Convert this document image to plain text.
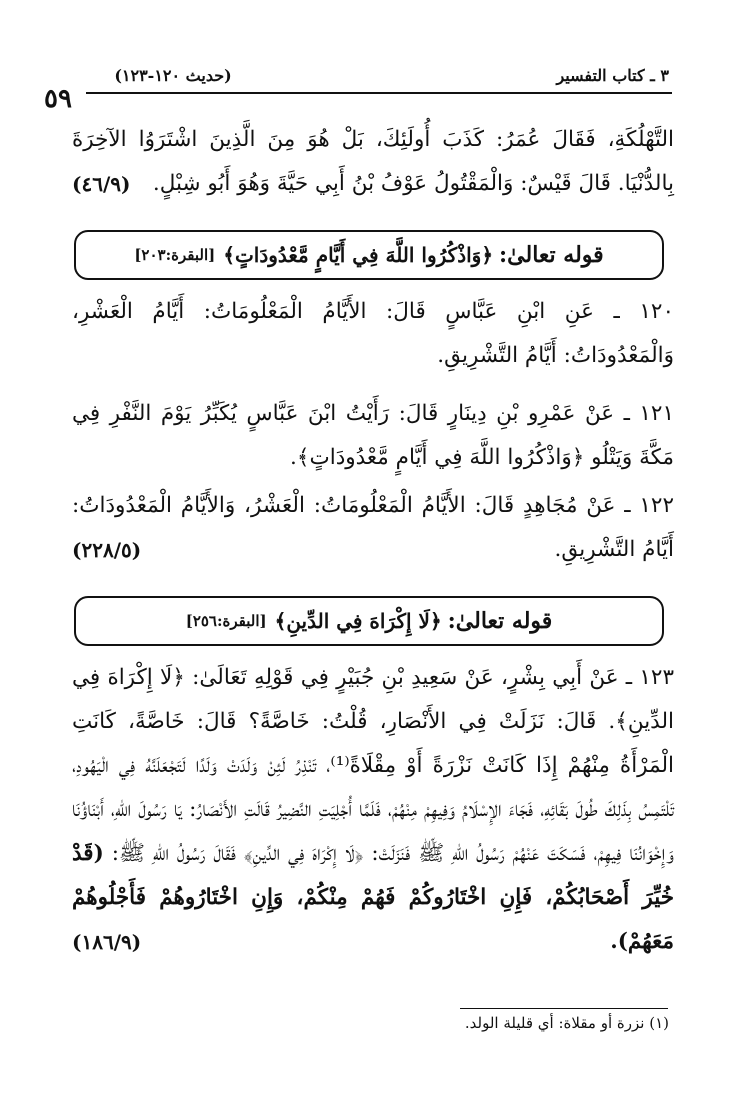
(حديث ١٢٠-١٢٣)	٣ ـ كتاب التفسير
٥٩
التَّهْلُكَةِ، فَقَالَ عُمَرُ: كَذَبَ أُولَئِكَ، بَلْ هُوَ مِنَ الَّذِينَ اشْتَرَوُا الآخِرَةَ بِالدُّنْيَا. قَالَ قَيْسٌ: وَالْمَقْتُولُ عَوْفُ بْنُ أَبِي حَيَّةَ وَهُوَ أَبُو شِبْلٍ.
(٤٦/٩)
قوله تعالىٰ:
﴿وَاذْكُرُوا اللَّهَ فِي أَيَّامٍ مَّعْدُودَاتٍ﴾
[البقرة:٢٠٣]
١٢٠ ـ عَنِ ابْنِ عَبَّاسٍ قَالَ: الأَيَّامُ الْمَعْلُومَاتُ: أَيَّامُ الْعَشْرِ، وَالْمَعْدُودَاتُ: أَيَّامُ التَّشْرِيقِ.
١٢١ ـ عَنْ عَمْرِو بْنِ دِينَارٍ قَالَ: رَأَيْتُ ابْنَ عَبَّاسٍ يُكَبِّرُ يَوْمَ النَّفْرِ فِي مَكَّةَ وَيَتْلُو ﴿وَاذْكُرُوا اللَّهَ فِي أَيَّامٍ مَّعْدُودَاتٍ﴾.
١٢٢ ـ عَنْ مُجَاهِدٍ قَالَ: الأَيَّامُ الْمَعْلُومَاتُ: الْعَشْرُ، وَالأَيَّامُ الْمَعْدُودَاتُ: أَيَّامُ التَّشْرِيقِ.
(٢٢٨/٥)
قوله تعالىٰ:
﴿لَا إِكْرَاهَ فِي الدِّينِ﴾
[البقرة:٢٥٦]
١٢٣ ـ عَنْ أَبِي بِشْرٍ، عَنْ سَعِيدِ بْنِ جُبَيْرٍ فِي قَوْلِهِ تَعَالَىٰ: ﴿لَا إِكْرَاهَ فِي الدِّينِ﴾. قَالَ: نَزَلَتْ فِي الأَنْصَارِ، قُلْتُ: خَاصَّةً؟ قَالَ: خَاصَّةً، كَانَتِ الْمَرْأَةُ مِنْهُمْ إِذَا كَانَتْ نَزْرَةً أَوْ مِقْلَاةً⁽¹⁾، تَنْذِرُ لَئِنْ وَلَدَتْ وَلَدًا لَتَجْعَلَنَّهُ فِي الْيَهُودِ، تَلْتَمِسُ بِذَلِكَ طُولَ بَقَائِهِ، فَجَاءَ الإِسْلَامُ وَفِيهِمْ مِنْهُمْ، فَلَمَّا أُجْلِيَتِ النَّضِيرُ قَالَتِ الأَنْصَارُ: يَا رَسُولَ اللهِ، أَبْنَاؤُنَا وَإِخْوَانُنَا فِيهِمْ، فَسَكَتَ عَنْهُمْ رَسُولُ اللهِ ﷺ فَنَزَلَتْ: ﴿لَا إِكْرَاهَ فِي الدِّينِ﴾ فَقَالَ رَسُولُ اللهِ ﷺ: (قَدْ خُيِّرَ أَصْحَابُكُمْ، فَإِنِ اخْتَارُوكُمْ فَهُمْ مِنْكُمْ، وَإِنِ اخْتَارُوهُمْ فَأَجْلُوهُمْ مَعَهُمْ).
(١٨٦/٩)
(١) نزرة أو مقلاة: أي قليلة الولد.
